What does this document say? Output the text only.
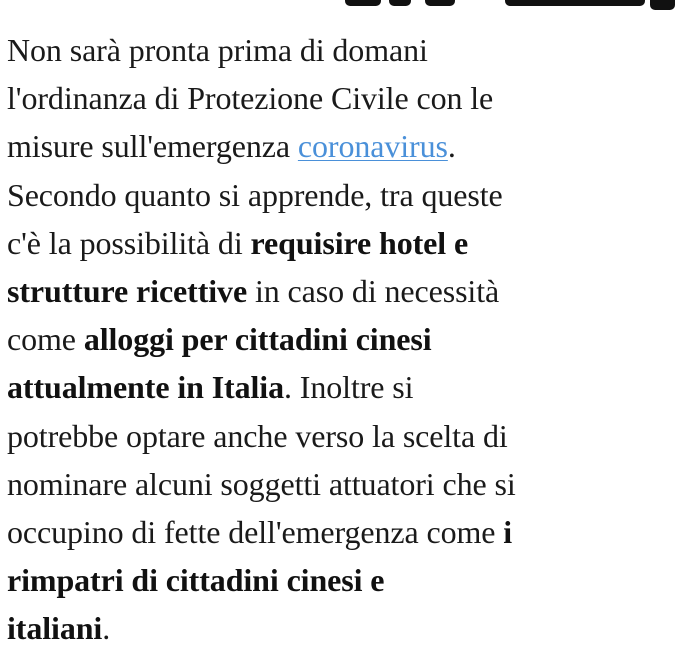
Non sarà pronta prima di domani
l'ordinanza di Protezione Civile con le
misure sull'emergenza coronavirus.
Secondo quanto si apprende, tra queste
c'è la possibilità di requisire hotel e
strutture ricettive in caso di necessità
come alloggi per cittadini cinesi
attualmente in Italia. Inoltre si
potrebbe optare anche verso la scelta di
nominare alcuni soggetti attuatori che si
occupino di fette dell'emergenza come i
rimpatri di cittadini cinesi e
italiani.
